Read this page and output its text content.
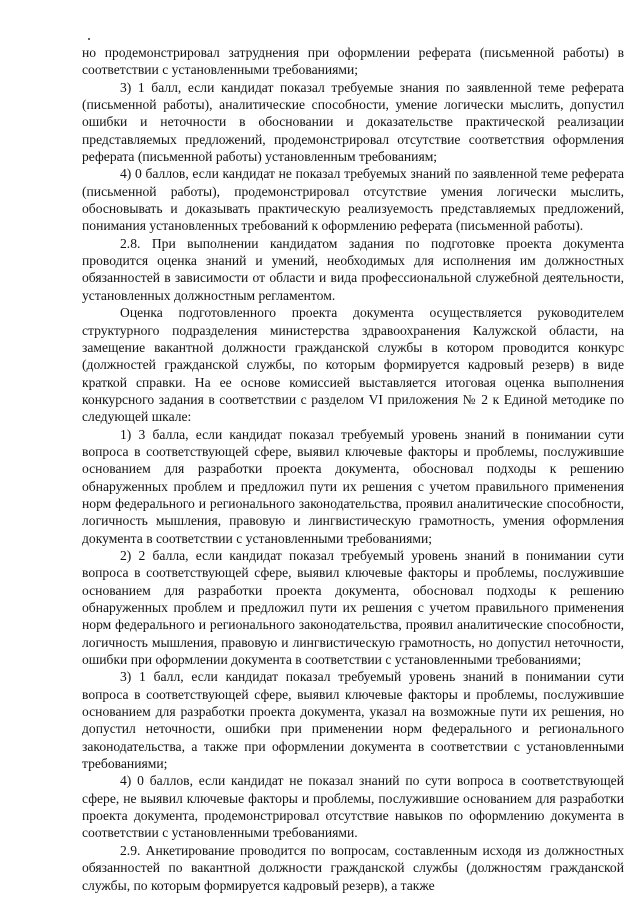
но продемонстрировал затруднения при оформлении реферата (письменной работы) в соответствии с установленными требованиями;

3) 1 балл, если кандидат показал требуемые знания по заявленной теме реферата (письменной работы), аналитические способности, умение логически мыслить, допустил ошибки и неточности в обосновании и доказательстве практической реализации представляемых предложений, продемонстрировал отсутствие соответствия оформления реферата (письменной работы) установленным требованиям;

4) 0 баллов, если кандидат не показал требуемых знаний по заявленной теме реферата (письменной работы), продемонстрировал отсутствие умения логически мыслить, обосновывать и доказывать практическую реализуемость представляемых предложений, понимания установленных требований к оформлению реферата (письменной работы).

2.8. При выполнении кандидатом задания по подготовке проекта документа проводится оценка знаний и умений, необходимых для исполнения им должностных обязанностей в зависимости от области и вида профессиональной служебной деятельности, установленных должностным регламентом.

Оценка подготовленного проекта документа осуществляется руководителем структурного подразделения министерства здравоохранения Калужской области, на замещение вакантной должности гражданской службы в котором проводится конкурс (должностей гражданской службы, по которым формируется кадровый резерв) в виде краткой справки. На ее основе комиссией выставляется итоговая оценка выполнения конкурсного задания в соответствии с разделом VI приложения № 2 к Единой методике по следующей шкале:

1) 3 балла, если кандидат показал требуемый уровень знаний в понимании сути вопроса в соответствующей сфере, выявил ключевые факторы и проблемы, послужившие основанием для разработки проекта документа, обосновал подходы к решению обнаруженных проблем и предложил пути их решения с учетом правильного применения норм федерального и регионального законодательства, проявил аналитические способности, логичность мышления, правовую и лингвистическую грамотность, умения оформления документа в соответствии с установленными требованиями;

2) 2 балла, если кандидат показал требуемый уровень знаний в понимании сути вопроса в соответствующей сфере, выявил ключевые факторы и проблемы, послужившие основанием для разработки проекта документа, обосновал подходы к решению обнаруженных проблем и предложил пути их решения с учетом правильного применения норм федерального и регионального законодательства, проявил аналитические способности, логичность мышления, правовую и лингвистическую грамотность, но допустил неточности, ошибки при оформлении документа в соответствии с установленными требованиями;

3) 1 балл, если кандидат показал требуемый уровень знаний в понимании сути вопроса в соответствующей сфере, выявил ключевые факторы и проблемы, послужившие основанием для разработки проекта документа, указал на возможные пути их решения, но допустил неточности, ошибки при применении норм федерального и регионального законодательства, а также при оформлении документа в соответствии с установленными требованиями;

4) 0 баллов, если кандидат не показал знаний по сути вопроса в соответствующей сфере, не выявил ключевые факторы и проблемы, послужившие основанием для разработки проекта документа, продемонстрировал отсутствие навыков по оформлению документа в соответствии с установленными требованиями.

2.9. Анкетирование проводится по вопросам, составленным исходя из должностных обязанностей по вакантной должности гражданской службы (должностям гражданской службы, по которым формируется кадровый резерв), а также
